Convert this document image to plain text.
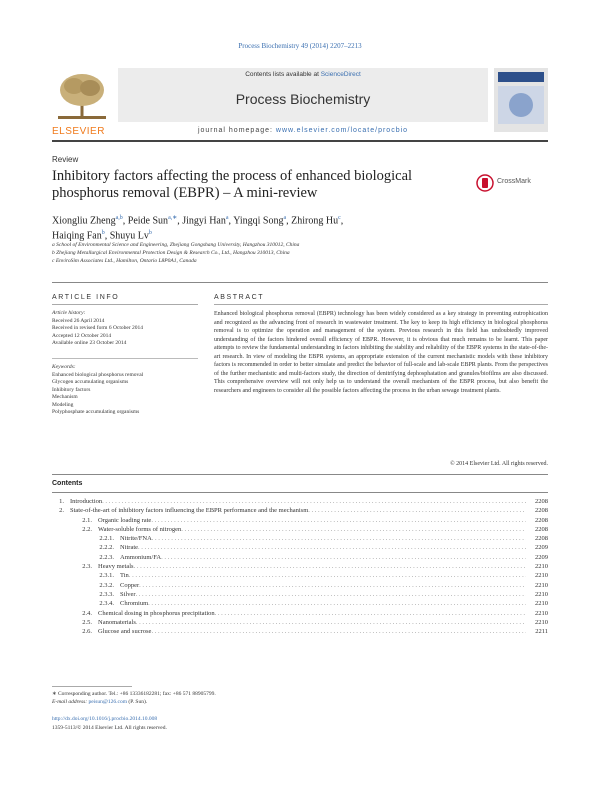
Process Biochemistry 49 (2014) 2207–2213
ELSEVIER
Contents lists available at ScienceDirect
Process Biochemistry
journal homepage: www.elsevier.com/locate/procbio
Review
Inhibitory factors affecting the process of enhanced biological phosphorus removal (EBPR) – A mini-review
CrossMark
Xiongliu Zheng$^{a,b}$, Peide Sun$^{a,∗}$, Jingyi Han$^a$, Yingqi Song$^a$, Zhirong Hu$^c$,
Haiqing Fan$^b$, Shuyu Lv$^b$
a School of Environmental Science and Engineering, Zhejiang Gongshang University, Hangzhou 310012, China
b Zhejiang Metallurgical Environmental Protection Design & Research Co., Ltd., Hangzhou 310013, China
c EnviroSim Associates Ltd., Hamilton, Ontario L8P0A1, Canada
ARTICLE INFO	ABSTRACT
Article history:
Received 26 April 2014
Received in revised form 6 October 2014
Accepted 12 October 2014
Available online 23 October 2014
Keywords:
Enhanced biological phosphorus removal
Glycogen accumulating organisms
Inhibitory factors
Mechanism
Modeling
Polyphosphate accumulating organisms
Enhanced biological phosphorus removal (EBPR) technology has been widely considered as a key strategy in preventing eutrophication and recognized as the advancing front of research in wastewater treatment. The key to keep its high efficiency in biological phosphorus removal is to optimize the operation and management of the system. Previous research in this field has undoubtedly improved understanding of the factors hindered overall efficiency of EBPR. However, it is obvious that much remains to be learnt. This paper attempts to review the fundamental understanding in factors inhibiting the stability and reliability of the EBPR systems in the state-of-the-art research. In view of modeling the EBPR systems, an appropriate extension of the current mechanistic models with these inhibitory factors is recommended in order to better simulate and predict the behavior of full-scale and lab-scale EBPR plants. From the perspectives of the further mechanistic and multi-factors study, the direction of denitrifying dephosphatation and granules/biofilms are also discussed. This comprehensive overview will not only help us to understand the overall mechanism of the EBPR process, but also benefit the researchers and engineers to consider all the possible factors affecting the process in the urban sewage treatment plants.
© 2014 Elsevier Ltd. All rights reserved.
Contents
1. Introduction . . .	2208
2. State-of-the-art of inhibitory factors influencing the EBPR performance and the mechanism . . .	2208
2.1. Organic loading rate . . .	2208
2.2. Water-soluble forms of nitrogen . . .	2208
2.2.1. Nitrite/FNA . . .	2208
2.2.2. Nitrate . . .	2209
2.2.3. Ammonium/FA . . .	2209
2.3. Heavy metals . . .	2210
2.3.1. Tin . . .	2210
2.3.2. Copper . . .	2210
2.3.3. Silver . . .	2210
2.3.4. Chromium . . .	2210
2.4. Chemical dosing in phosphorus precipitation . . .	2210
2.5. Nanomaterials . . .	2210
2.6. Glucose and sucrose . . .	2211
∗ Corresponding author. Tel.: +86 13336182281; fax: +86 571 88905799.
E-mail address: peisun@126.com (P. Sun).
http://dx.doi.org/10.1016/j.procbio.2014.10.008
1359-5113/© 2014 Elsevier Ltd. All rights reserved.
